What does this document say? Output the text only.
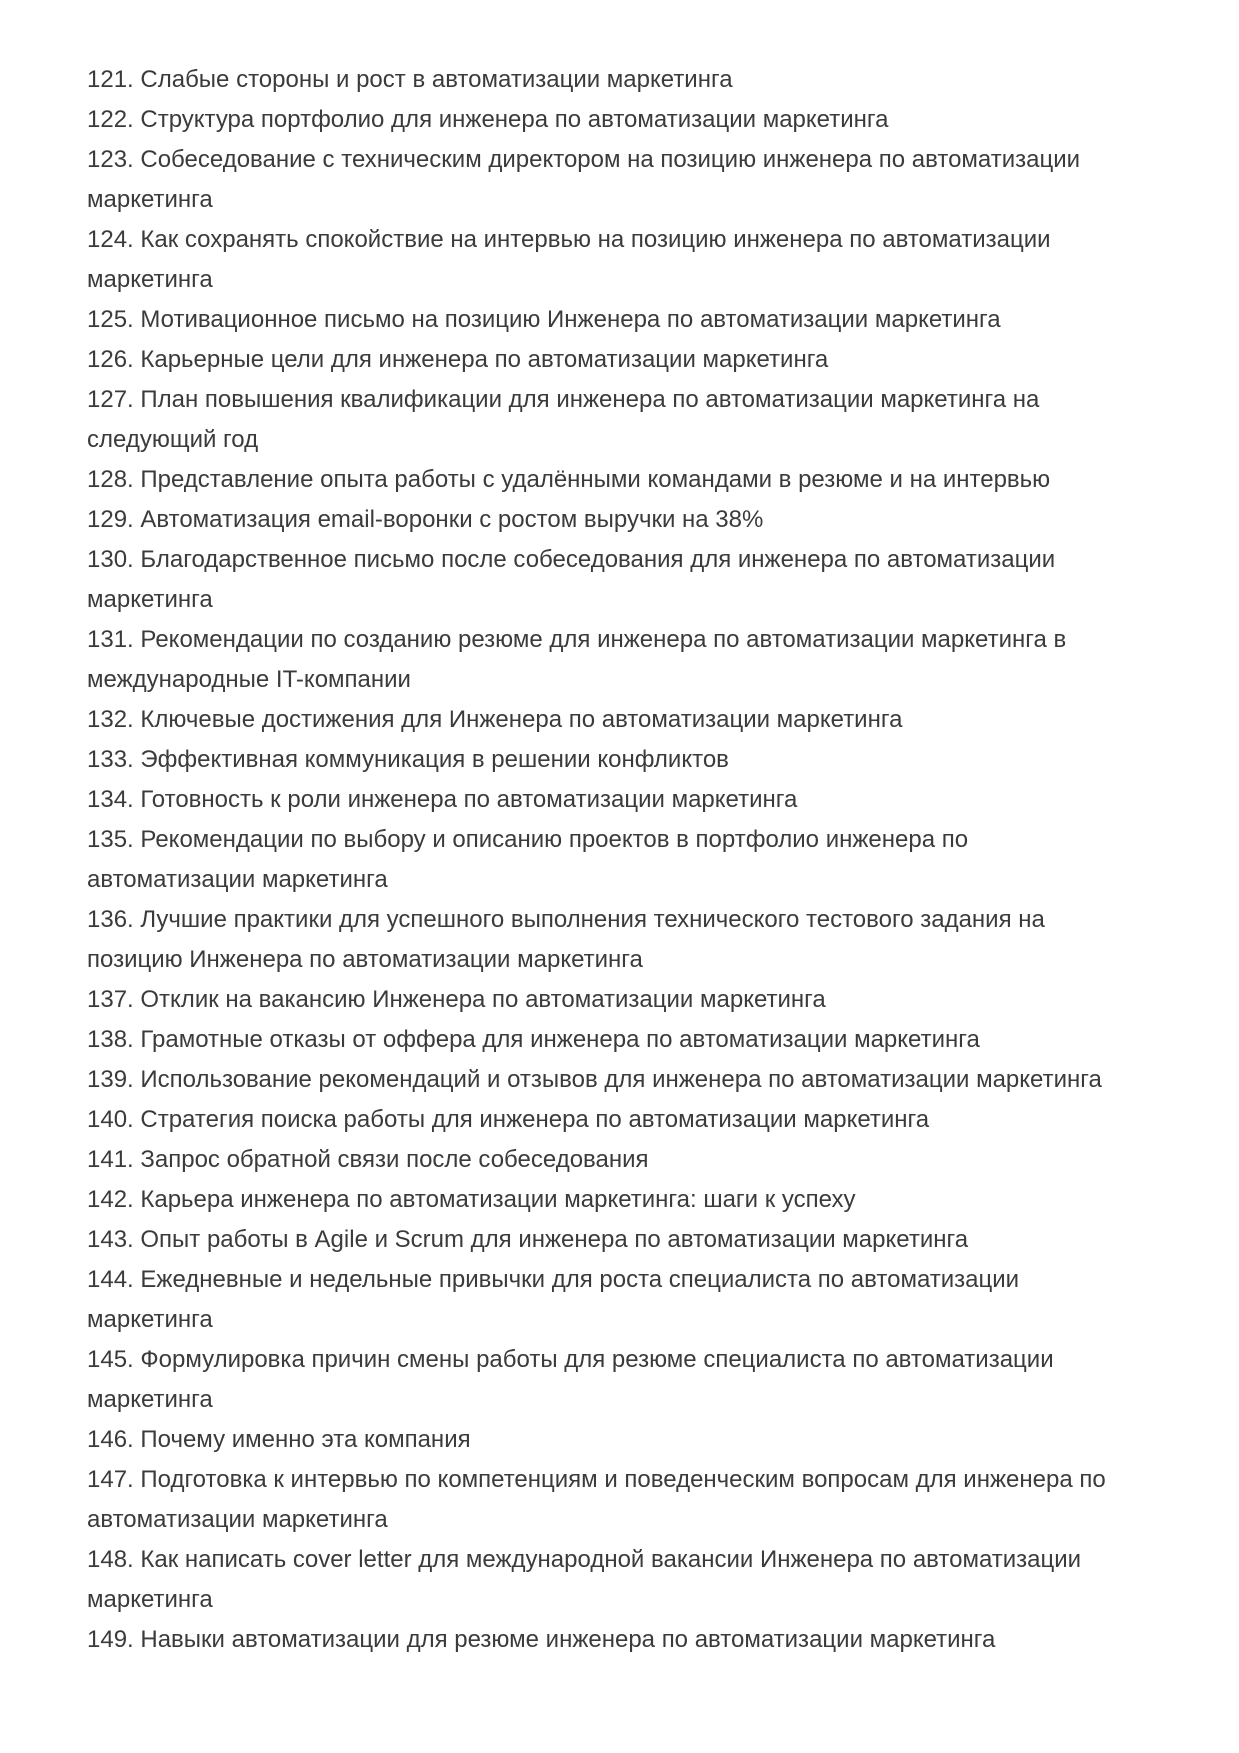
121. Слабые стороны и рост в автоматизации маркетинга

122. Структура портфолио для инженера по автоматизации маркетинга

123. Собеседование с техническим директором на позицию инженера по автоматизации
маркетинга

124. Как сохранять спокойствие на интервью на позицию инженера по автоматизации
маркетинга

125. Мотивационное письмо на позицию Инженера по автоматизации маркетинга

126. Карьерные цели для инженера по автоматизации маркетинга

127. План повышения квалификации для инженера по автоматизации маркетинга на
следующий год

128. Представление опыта работы с удалёнными командами в резюме и на интервью

129. Автоматизация email-воронки с ростом выручки на 38%

130. Благодарственное письмо после собеседования для инженера по автоматизации
маркетинга

131. Рекомендации по созданию резюме для инженера по автоматизации маркетинга в
международные IT-компании

132. Ключевые достижения для Инженера по автоматизации маркетинга

133. Эффективная коммуникация в решении конфликтов

134. Готовность к роли инженера по автоматизации маркетинга

135. Рекомендации по выбору и описанию проектов в портфолио инженера по
автоматизации маркетинга

136. Лучшие практики для успешного выполнения технического тестового задания на
позицию Инженера по автоматизации маркетинга

137. Отклик на вакансию Инженера по автоматизации маркетинга

138. Грамотные отказы от оффера для инженера по автоматизации маркетинга

139. Использование рекомендаций и отзывов для инженера по автоматизации маркетинга

140. Стратегия поиска работы для инженера по автоматизации маркетинга

141. Запрос обратной связи после собеседования

142. Карьера инженера по автоматизации маркетинга: шаги к успеху

143. Опыт работы в Agile и Scrum для инженера по автоматизации маркетинга

144. Ежедневные и недельные привычки для роста специалиста по автоматизации
маркетинга

145. Формулировка причин смены работы для резюме специалиста по автоматизации
маркетинга

146. Почему именно эта компания

147. Подготовка к интервью по компетенциям и поведенческим вопросам для инженера по
автоматизации маркетинга

148. Как написать cover letter для международной вакансии Инженера по автоматизации
маркетинга

149. Навыки автоматизации для резюме инженера по автоматизации маркетинга
